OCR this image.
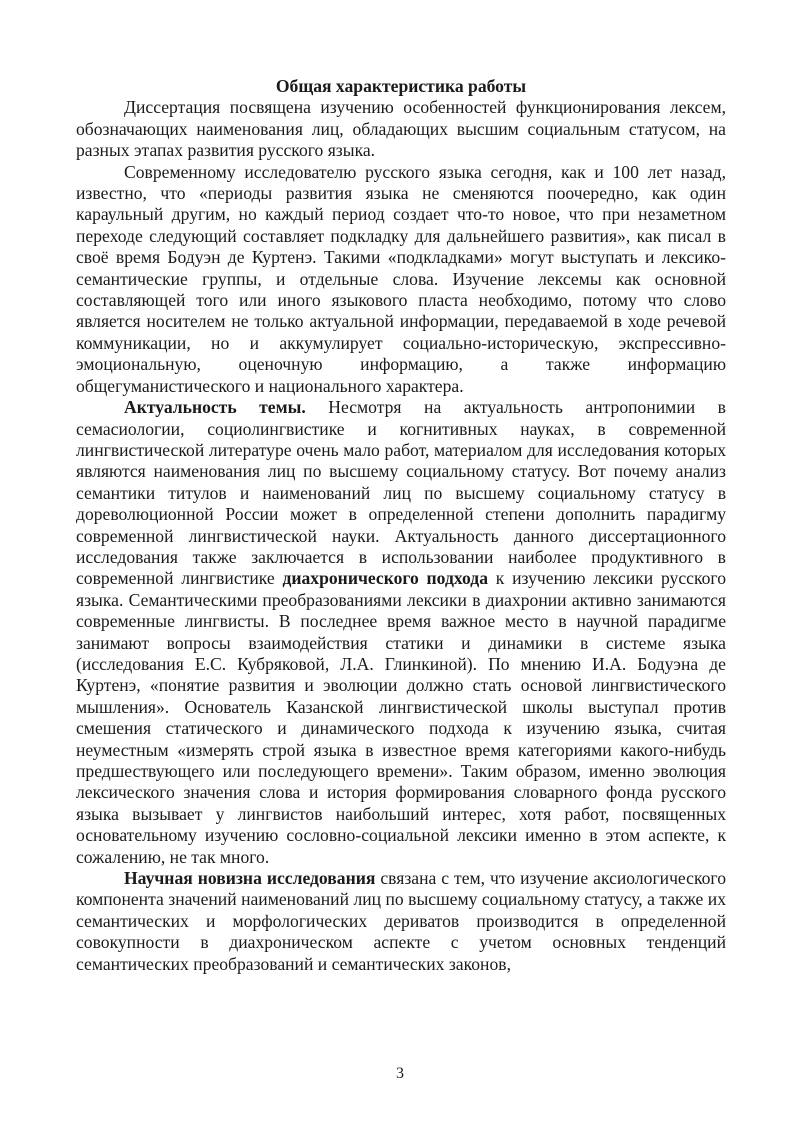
Общая характеристика работы

Диссертация посвящена изучению особенностей функционирования лексем, обозначающих наименования лиц, обладающих высшим социальным статусом, на разных этапах развития русского языка.

Современному исследователю русского языка сегодня, как и 100 лет назад, известно, что «периоды развития языка не сменяются поочередно, как один караульный другим, но каждый период создает что-то новое, что при незаметном переходе следующий составляет подкладку для дальнейшего развития», как писал в своё время Бодуэн де Куртенэ. Такими «подкладками» могут выступать и лексико-семантические группы, и отдельные слова. Изучение лексемы как основной составляющей того или иного языкового пласта необходимо, потому что слово является носителем не только актуальной информации, передаваемой в ходе речевой коммуникации, но и аккумулирует социально-историческую, экспрессивно-эмоциональную, оценочную информацию, а также информацию общегуманистического и национального характера.

Актуальность темы. Несмотря на актуальность антропонимии в семасиологии, социолингвистике и когнитивных науках, в современной лингвистической литературе очень мало работ, материалом для исследования которых являются наименования лиц по высшему социальному статусу. Вот почему анализ семантики титулов и наименований лиц по высшему социальному статусу в дореволюционной России может в определенной степени дополнить парадигму современной лингвистической науки. Актуальность данного диссертационного исследования также заключается в использовании наиболее продуктивного в современной лингвистике диахронического подхода к изучению лексики русского языка. Семантическими преобразованиями лексики в диахронии активно занимаются современные лингвисты. В последнее время важное место в научной парадигме занимают вопросы взаимодействия статики и динамики в системе языка (исследования Е.С. Кубряковой, Л.А. Глинкиной). По мнению И.А. Бодуэна де Куртенэ, «понятие развития и эволюции должно стать основой лингвистического мышления». Основатель Казанской лингвистической школы выступал против смешения статического и динамического подхода к изучению языка, считая неуместным «измерять строй языка в известное время категориями какого-нибудь предшествующего или последующего времени». Таким образом, именно эволюция лексического значения слова и история формирования словарного фонда русского языка вызывает у лингвистов наибольший интерес, хотя работ, посвященных основательному изучению сословно-социальной лексики именно в этом аспекте, к сожалению, не так много.

Научная новизна исследования связана с тем, что изучение аксиологического компонента значений наименований лиц по высшему социальному статусу, а также их семантических и морфологических дериватов производится в определенной совокупности в диахроническом аспекте с учетом основных тенденций семантических преобразований и семантических законов,

3
